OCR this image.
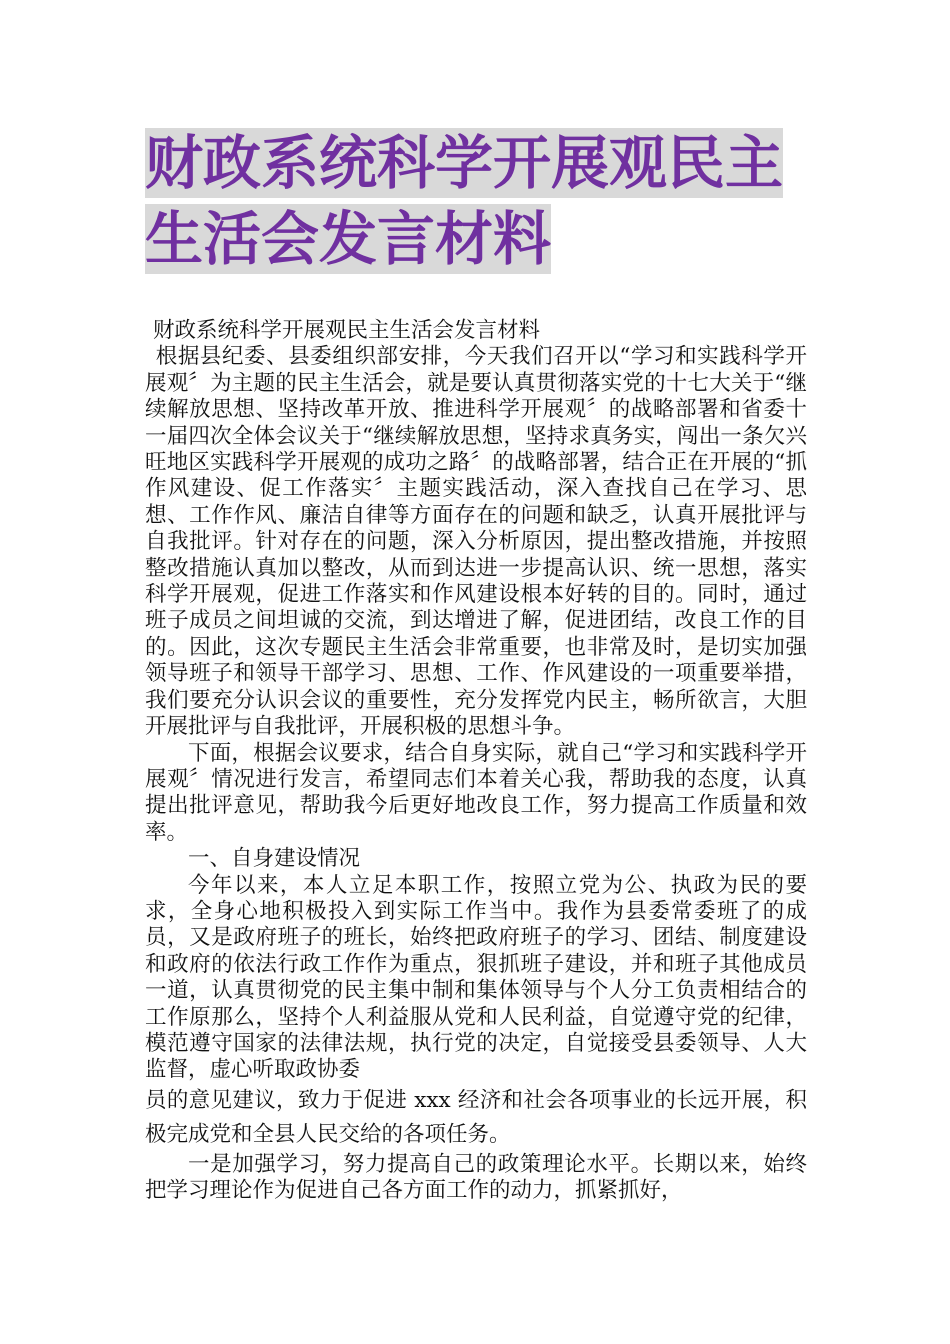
财政系统科学开展观民主
生活会发言材料

财政系统科学开展观民主生活会发言材料

根据县纪委、县委组织部安排，今天我们召开以“学习和实践科学开展观〞为主题的民主生活会，就是要认真贯彻落实党的十七大关于“继续解放思想、坚持改革开放、推进科学开展观〞的战略部署和省委十一届四次全体会议关于“继续解放思想，坚持求真务实，闯出一条欠兴旺地区实践科学开展观的成功之路〞的战略部署，结合正在开展的“抓作风建设、促工作落实〞主题实践活动，深入查找自己在学习、思想、工作作风、廉洁自律等方面存在的问题和缺乏，认真开展批评与自我批评。针对存在的问题，深入分析原因，提出整改措施，并按照整改措施认真加以整改，从而到达进一步提高认识、统一思想，落实科学开展观，促进工作落实和作风建设根本好转的目的。同时，通过班子成员之间坦诚的交流，到达增进了解，促进团结，改良工作的目的。因此，这次专题民主生活会非常重要，也非常及时，是切实加强领导班子和领导干部学习、思想、工作、作风建设的一项重要举措，我们要充分认识会议的重要性，充分发挥党内民主，畅所欲言，大胆开展批评与自我批评，开展积极的思想斗争。

下面，根据会议要求，结合自身实际，就自己“学习和实践科学开展观〞情况进行发言，希望同志们本着关心我，帮助我的态度，认真提出批评意见，帮助我今后更好地改良工作，努力提高工作质量和效率。

一、自身建设情况

今年以来，本人立足本职工作，按照立党为公、执政为民的要求，全身心地积极投入到实际工作当中。我作为县委常委班了的成员，又是政府班子的班长，始终把政府班子的学习、团结、制度建设和政府的依法行政工作作为重点，狠抓班子建设，并和班子其他成员一道，认真贯彻党的民主集中制和集体领导与个人分工负责相结合的工作原那么，坚持个人利益服从党和人民利益，自觉遵守党的纪律，模范遵守国家的法律法规，执行党的决定，自觉接受县委领导、人大监督，虚心听取政协委

员的意见建议，致力于促进 xxx 经济和社会各项事业的长远开展，积极完成党和全县人民交给的各项任务。

一是加强学习，努力提高自己的政策理论水平。长期以来，始终把学习理论作为促进自己各方面工作的动力，抓紧抓好，
